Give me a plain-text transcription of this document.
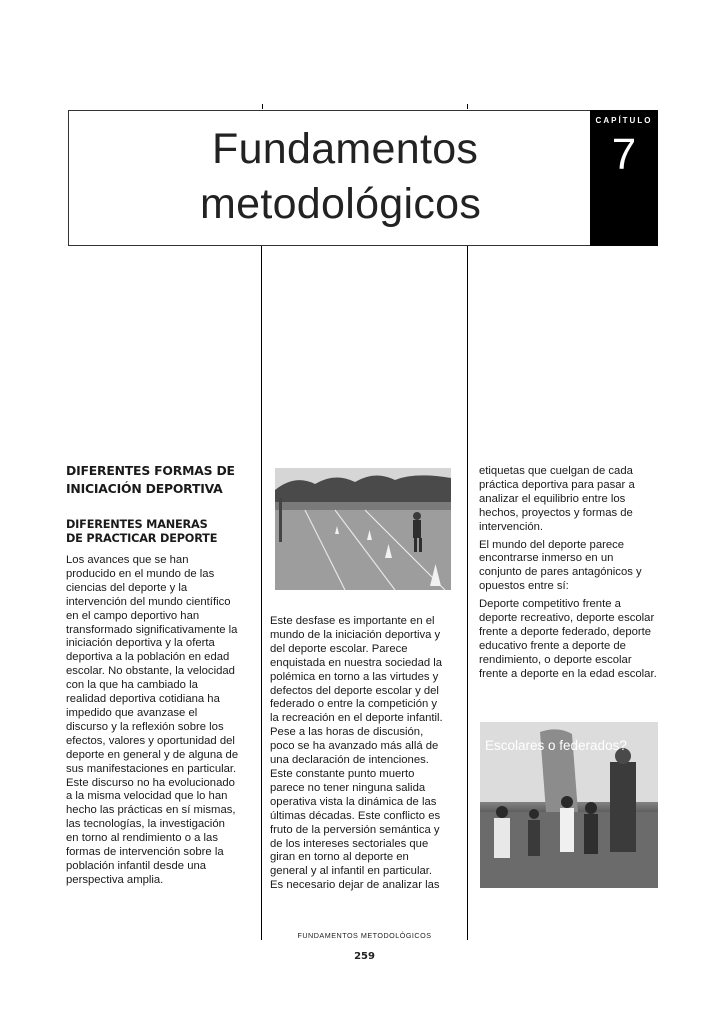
CAPÍTULO
7
Fundamentos
metodológicos
DIFERENTES FORMAS DE
INICIACIÓN DEPORTIVA
DIFERENTES MANERAS
DE PRACTICAR DEPORTE

Los avances que se han
producido en el mundo de las
ciencias del deporte y la
intervención del mundo científico
en el campo deportivo han
transformado significativamente la
iniciación deportiva y la oferta
deportiva a la población en edad
escolar. No obstante, la velocidad
con la que ha cambiado la
realidad deportiva cotidiana ha
impedido que avanzase el
discurso y la reflexión sobre los
efectos, valores y oportunidad del
deporte en general y de alguna de
sus manifestaciones en particular.
Este discurso no ha evolucionado
a la misma velocidad que lo han
hecho las prácticas en sí mismas,
las tecnologías, la investigación
en torno al rendimiento o a las
formas de intervención sobre la
población infantil desde una
perspectiva amplia.

Este desfase es importante en el
mundo de la iniciación deportiva y
del deporte escolar. Parece
enquistada en nuestra sociedad la
polémica en torno a las virtudes y
defectos del deporte escolar y del
federado o entre la competición y
la recreación en el deporte infantil.
Pese a las horas de discusión,
poco se ha avanzado más allá de
una declaración de intenciones.
Este constante punto muerto
parece no tener ninguna salida
operativa vista la dinámica de las
últimas décadas. Este conflicto es
fruto de la perversión semántica y
de los intereses sectoriales que
giran en torno al deporte en
general y al infantil en particular.
Es necesario dejar de analizar las

etiquetas que cuelgan de cada
práctica deportiva para pasar a
analizar el equilibrio entre los
hechos, proyectos y formas de
intervención.

El mundo del deporte parece
encontrarse inmerso en un
conjunto de pares antagónicos y
opuestos entre sí:

Deporte competitivo frente a
deporte recreativo, deporte escolar
frente a deporte federado, deporte
educativo frente a deporte de
rendimiento, o deporte escolar
frente a deporte en la edad escolar.

Escolares o federados?
FUNDAMENTOS METODOLÓGICOS
259
